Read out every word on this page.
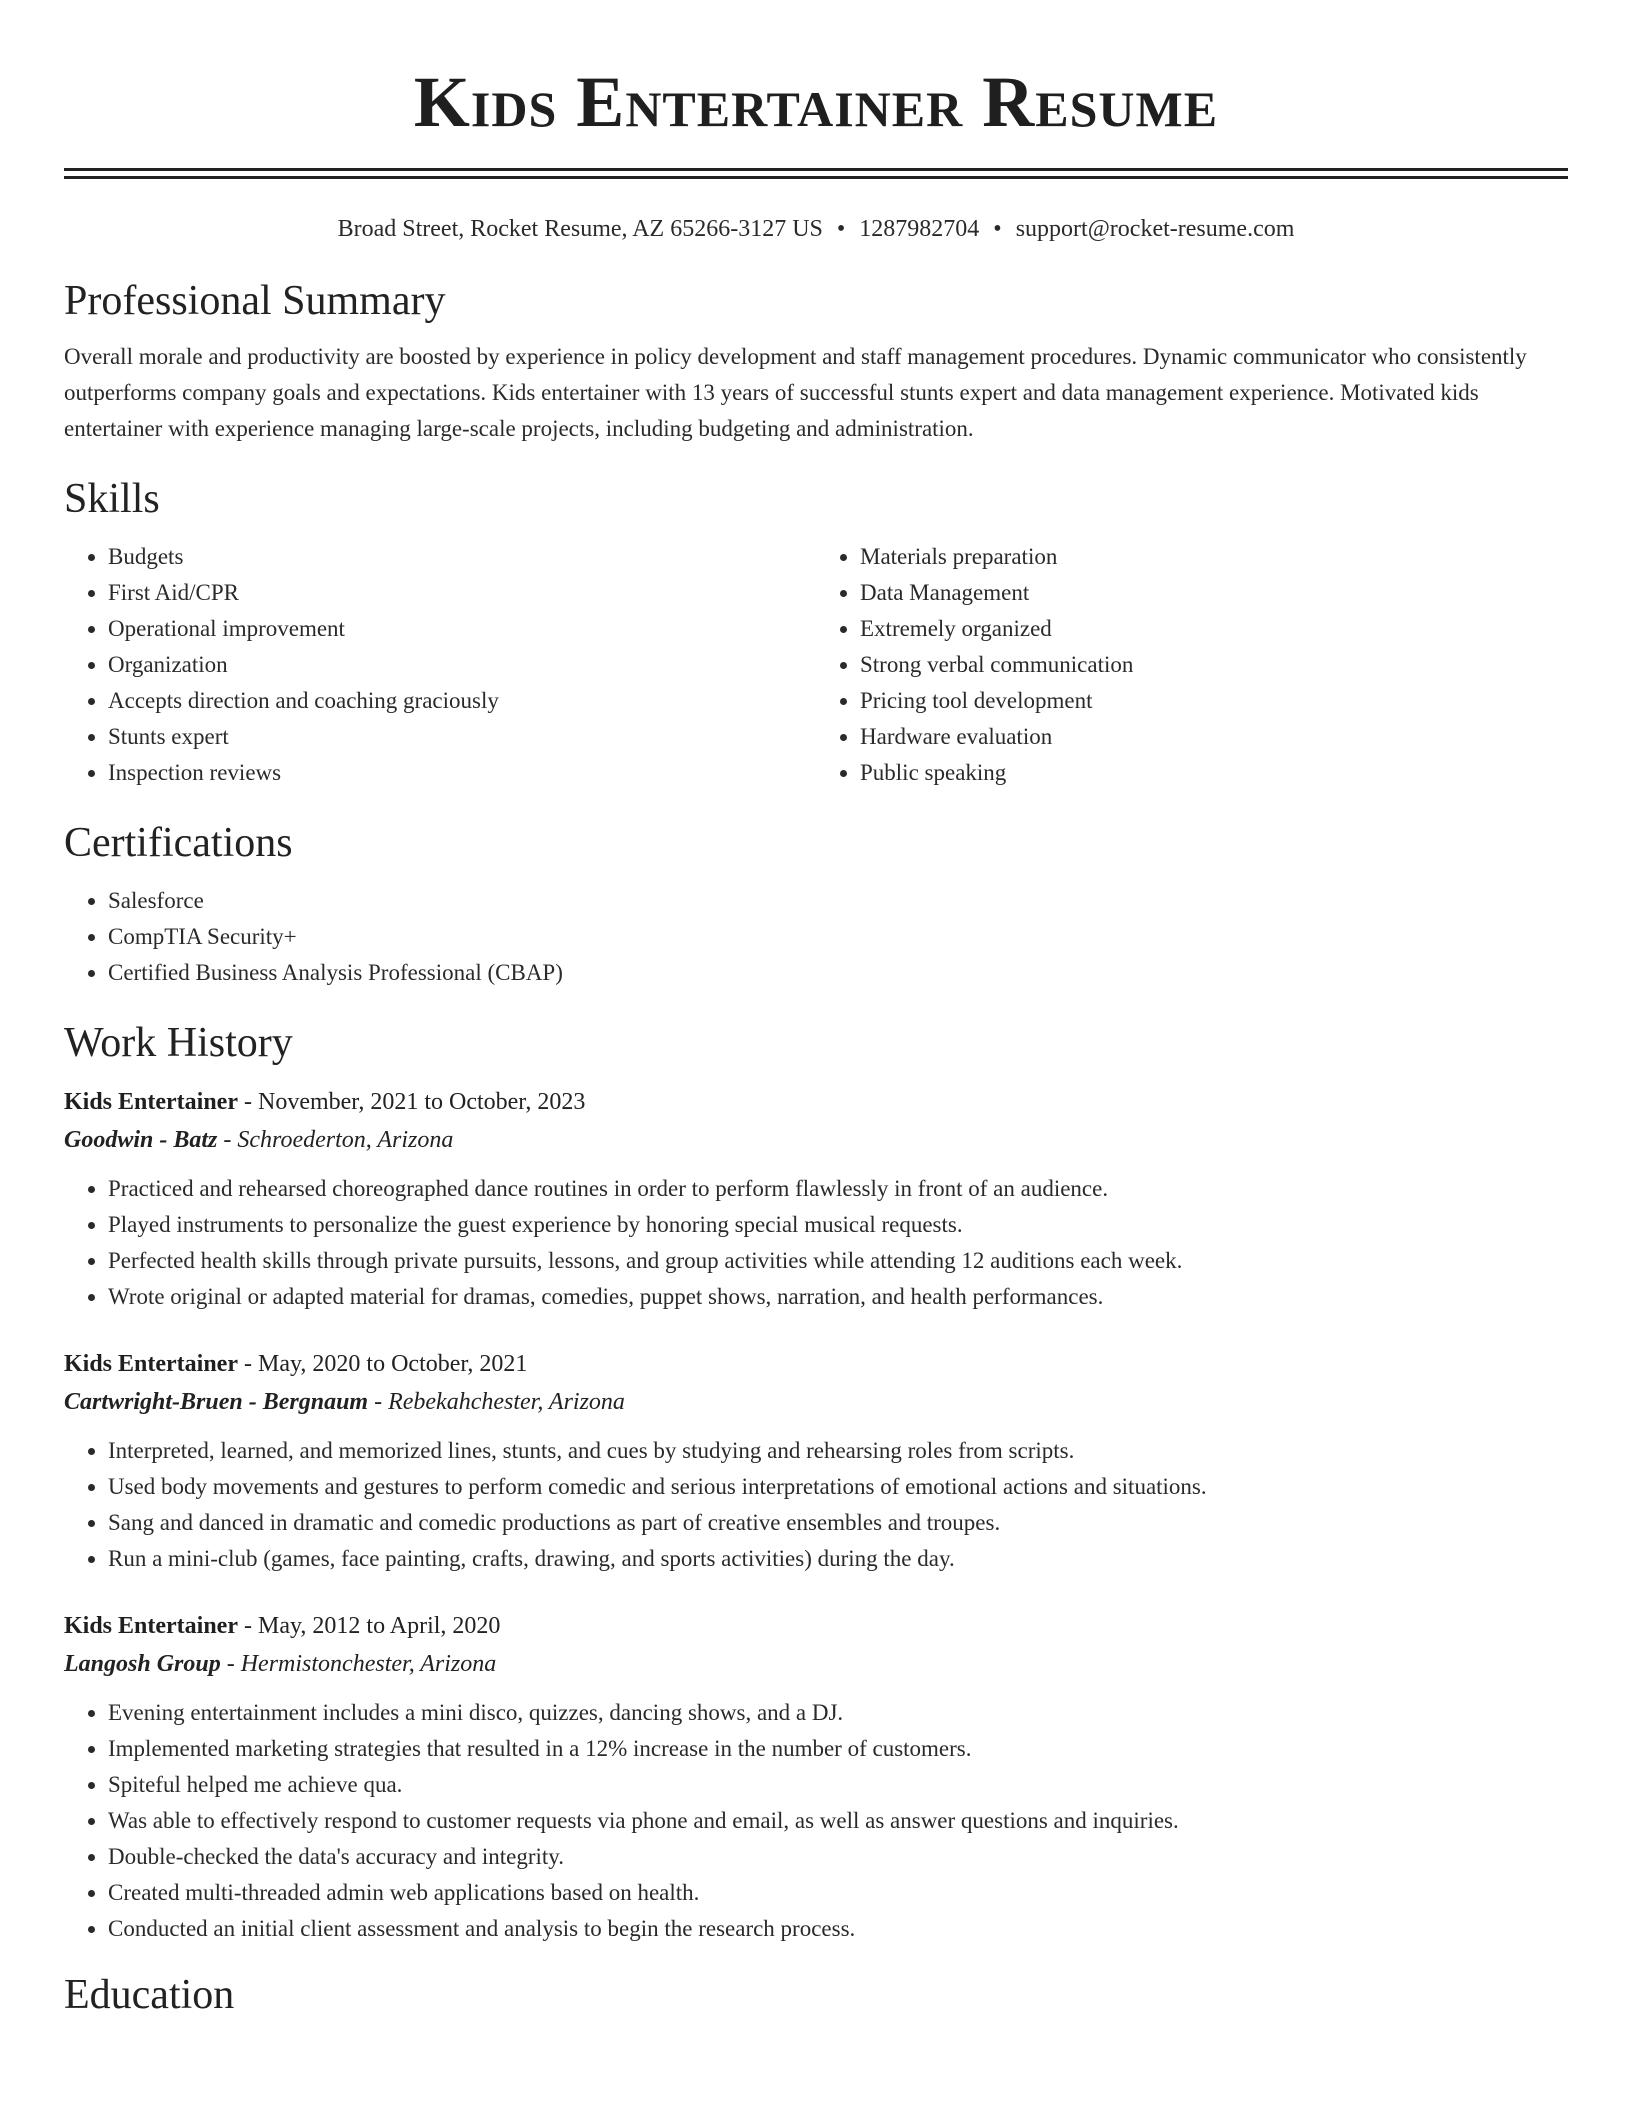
Kids Entertainer Resume
Broad Street, Rocket Resume, AZ 65266-3127 US • 1287982704 • support@rocket-resume.com
Professional Summary

Overall morale and productivity are boosted by experience in policy development and staff management procedures. Dynamic communicator who consistently outperforms company goals and expectations. Kids entertainer with 13 years of successful stunts expert and data management experience. Motivated kids entertainer with experience managing large-scale projects, including budgeting and administration.

Skills
• Budgets
• First Aid/CPR
• Operational improvement
• Organization
• Accepts direction and coaching graciously
• Stunts expert
• Inspection reviews
• Materials preparation
• Data Management
• Extremely organized
• Strong verbal communication
• Pricing tool development
• Hardware evaluation
• Public speaking
Certifications
• Salesforce
• CompTIA Security+
• Certified Business Analysis Professional (CBAP)
Work History
Kids Entertainer - November, 2021 to October, 2023
Goodwin - Batz - Schroederton, Arizona
• Practiced and rehearsed choreographed dance routines in order to perform flawlessly in front of an audience.
• Played instruments to personalize the guest experience by honoring special musical requests.
• Perfected health skills through private pursuits, lessons, and group activities while attending 12 auditions each week.
• Wrote original or adapted material for dramas, comedies, puppet shows, narration, and health performances.
Kids Entertainer - May, 2020 to October, 2021
Cartwright-Bruen - Bergnaum - Rebekahchester, Arizona
• Interpreted, learned, and memorized lines, stunts, and cues by studying and rehearsing roles from scripts.
• Used body movements and gestures to perform comedic and serious interpretations of emotional actions and situations.
• Sang and danced in dramatic and comedic productions as part of creative ensembles and troupes.
• Run a mini-club (games, face painting, crafts, drawing, and sports activities) during the day.
Kids Entertainer - May, 2012 to April, 2020
Langosh Group - Hermistonchester, Arizona
• Evening entertainment includes a mini disco, quizzes, dancing shows, and a DJ.
• Implemented marketing strategies that resulted in a 12% increase in the number of customers.
• Spiteful helped me achieve qua.
• Was able to effectively respond to customer requests via phone and email, as well as answer questions and inquiries.
• Double-checked the data's accuracy and integrity.
• Created multi-threaded admin web applications based on health.
• Conducted an initial client assessment and analysis to begin the research process.
Education
